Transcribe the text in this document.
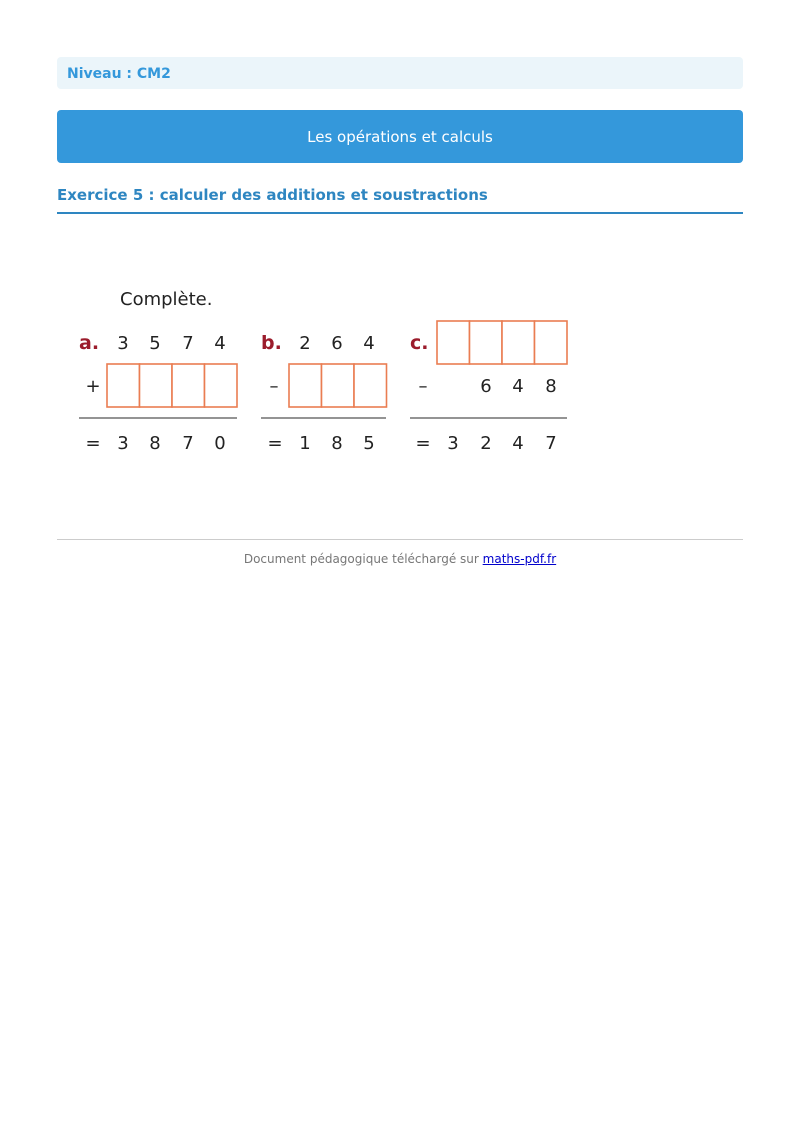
Niveau : CM2
Les opérations et calculs
Exercice 5 : calculer des additions et soustractions
Complète.
a. 3 5 7 4
+
= 3 8 7 0
b. 2 6 4
–
= 1 8 5
c.
–	6 4 8
= 3 2 4 7
Document pédagogique téléchargé sur maths-pdf.fr
